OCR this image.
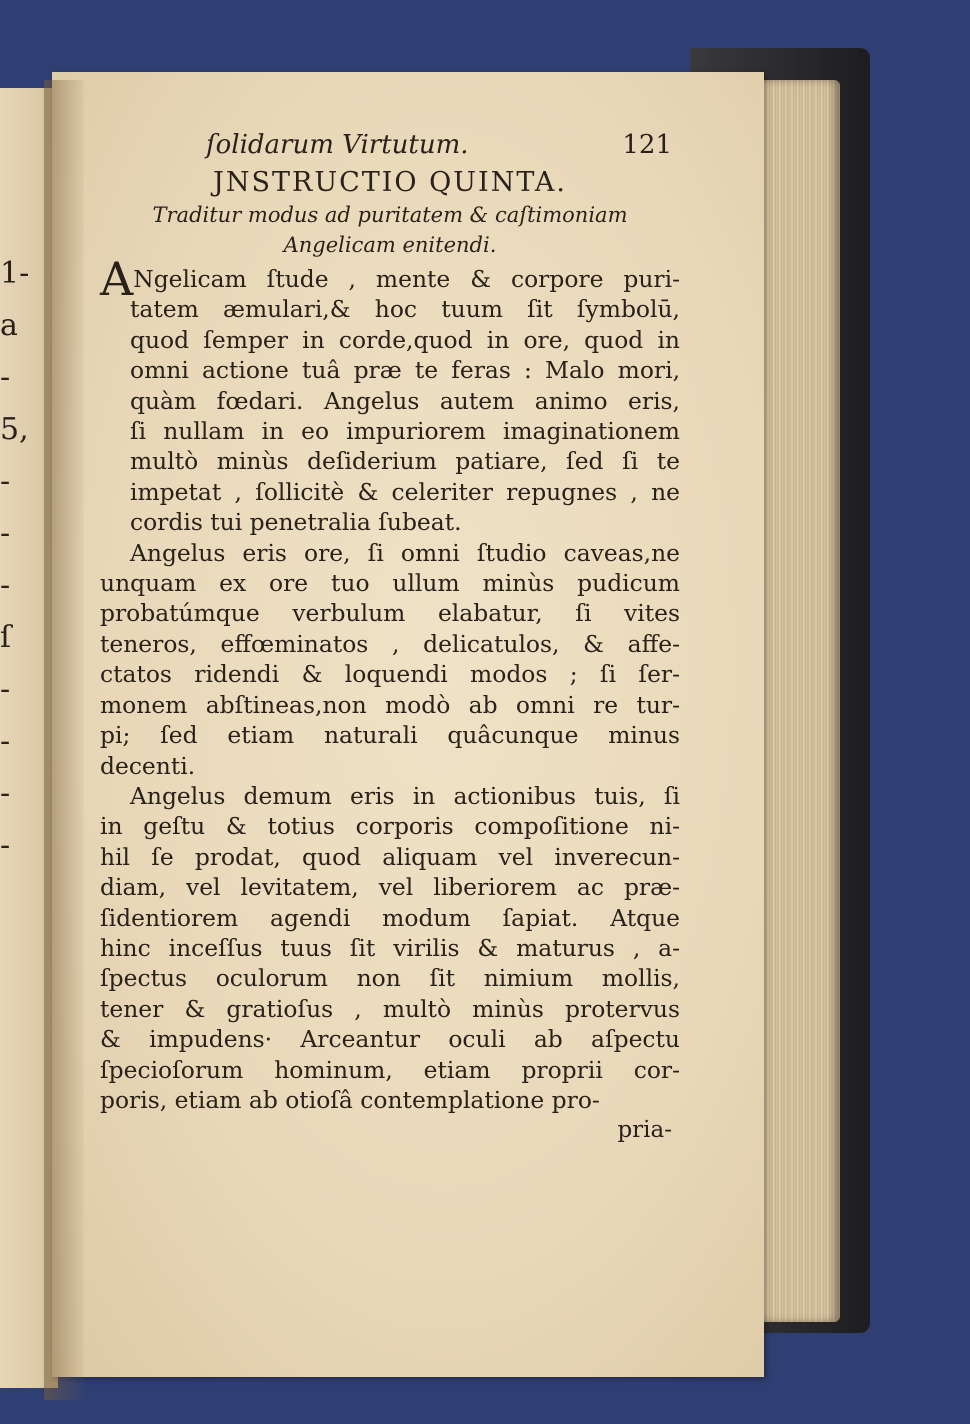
1-
a
-
5,
-
-
-
ſ
-
-
-
-
ſolidarum Virtutum.	121
JNSTRUCTIO QUINTA.
Traditur modus ad puritatem & caſtimoniam
Angelicam enitendi.

ANgelicam ſtude , mente & corpore puri-
tatem æmulari,& hoc tuum ſit ſymbolū,
quod ſemper in corde,quod in ore, quod in
omni actione tuâ præ te feras : Malo mori,
quàm fœdari. Angelus autem animo eris,
ſi nullam in eo impuriorem imaginationem
multò minùs deſiderium patiare, ſed ſi te
impetat , ſollicitè & celeriter repugnes , ne
cordis tui penetralia ſubeat.

Angelus eris ore, ſi omni ſtudio caveas,ne
unquam ex ore tuo ullum minùs pudicum
probatúmque verbulum elabatur, ſi vites
teneros, effœminatos , delicatulos, & affe-
ctatos ridendi & loquendi modos ; ſi ſer-
monem abſtineas,non modò ab omni re tur-
pi; ſed etiam naturali quâcunque minus
decenti.

Angelus demum eris in actionibus tuis, ſi
in geſtu & totius corporis compoſitione ni-
hil ſe prodat, quod aliquam vel inverecun-
diam, vel levitatem, vel liberiorem ac præ-
ſidentiorem agendi modum ſapiat. Atque
hinc inceſſus tuus ſit virilis & maturus , a-
ſpectus oculorum non ſit nimium mollis,
tener & gratioſus , multò minùs protervus
& impudens· Arceantur oculi ab aſpectu
ſpecioſorum hominum, etiam proprii cor-
poris, etiam ab otioſâ contemplatione pro-

pria-
